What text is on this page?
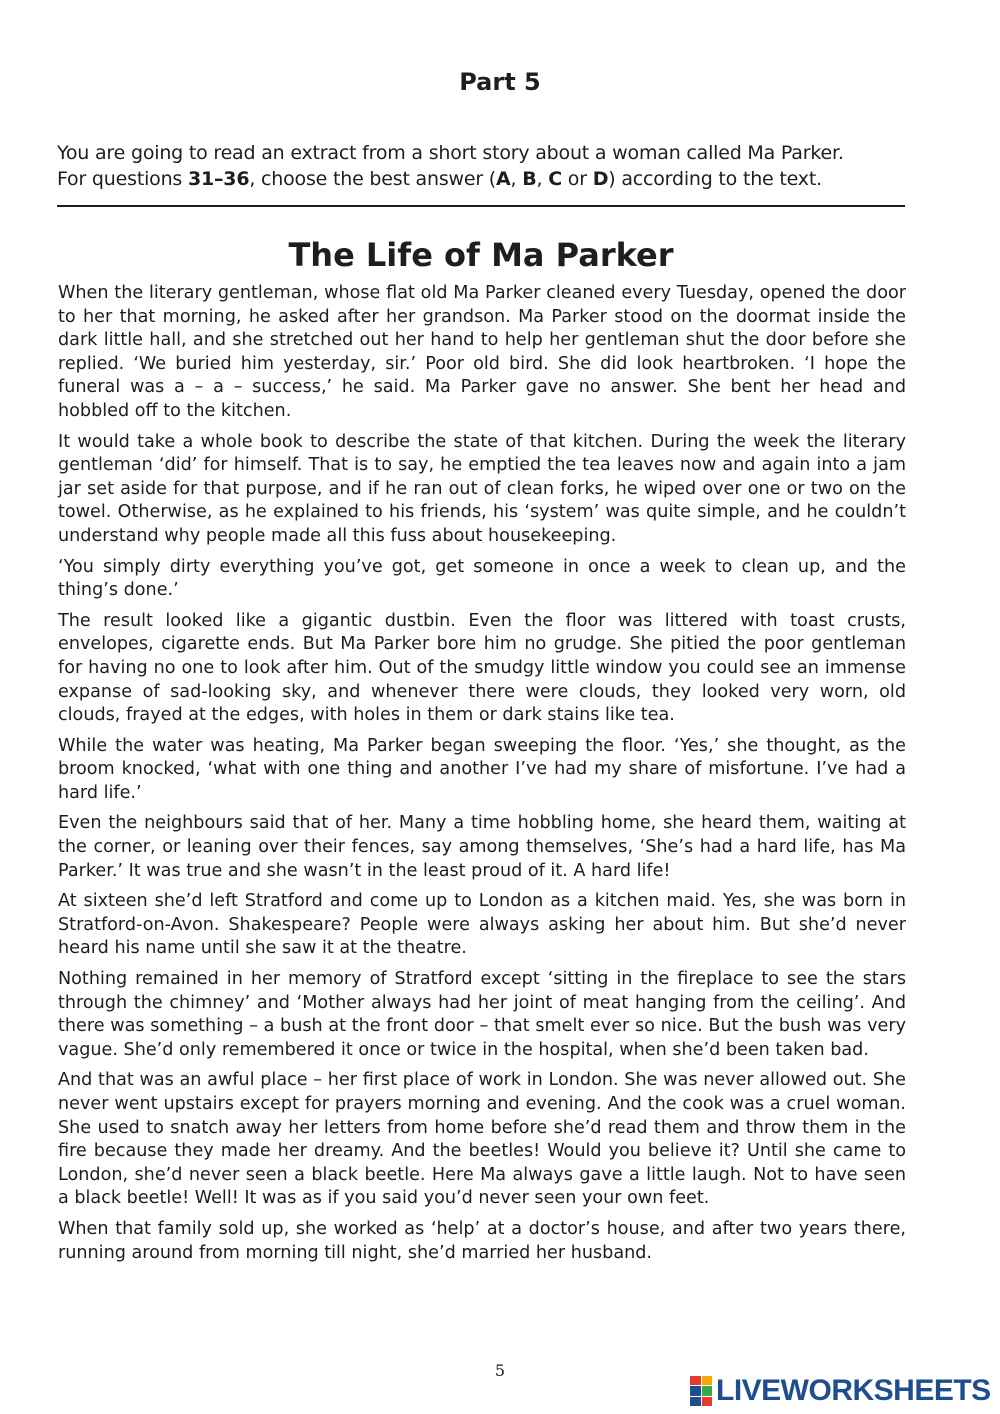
Part 5
You are going to read an extract from a short story about a woman called Ma Parker.
For questions 31–36, choose the best answer (A, B, C or D) according to the text.
The Life of Ma Parker

When the literary gentleman, whose flat old Ma Parker cleaned every Tuesday, opened the door to her that morning, he asked after her grandson. Ma Parker stood on the doormat inside the dark little hall, and she stretched out her hand to help her gentleman shut the door before she replied. ‘We buried him yesterday, sir.’ Poor old bird. She did look heartbroken. ‘I hope the funeral was a – a – success,’ he said. Ma Parker gave no answer. She bent her head and hobbled off to the kitchen.

It would take a whole book to describe the state of that kitchen. During the week the literary gentleman ‘did’ for himself. That is to say, he emptied the tea leaves now and again into a jam jar set aside for that purpose, and if he ran out of clean forks, he wiped over one or two on the towel. Otherwise, as he explained to his friends, his ‘system’ was quite simple, and he couldn’t understand why people made all this fuss about housekeeping.

‘You simply dirty everything you’ve got, get someone in once a week to clean up, and the thing’s done.’

The result looked like a gigantic dustbin. Even the floor was littered with toast crusts, envelopes, cigarette ends. But Ma Parker bore him no grudge. She pitied the poor gentleman for having no one to look after him. Out of the smudgy little window you could see an immense expanse of sad-looking sky, and whenever there were clouds, they looked very worn, old clouds, frayed at the edges, with holes in them or dark stains like tea.

While the water was heating, Ma Parker began sweeping the floor. ‘Yes,’ she thought, as the broom knocked, ‘what with one thing and another I’ve had my share of misfortune. I’ve had a hard life.’

Even the neighbours said that of her. Many a time hobbling home, she heard them, waiting at the corner, or leaning over their fences, say among themselves, ‘She’s had a hard life, has Ma Parker.’ It was true and she wasn’t in the least proud of it. A hard life!

At sixteen she’d left Stratford and come up to London as a kitchen maid. Yes, she was born in Stratford-on-Avon. Shakespeare? People were always asking her about him. But she’d never heard his name until she saw it at the theatre.

Nothing remained in her memory of Stratford except ‘sitting in the fireplace to see the stars through the chimney’ and ‘Mother always had her joint of meat hanging from the ceiling’. And there was something – a bush at the front door – that smelt ever so nice. But the bush was very vague. She’d only remembered it once or twice in the hospital, when she’d been taken bad.

And that was an awful place – her first place of work in London. She was never allowed out. She never went upstairs except for prayers morning and evening. And the cook was a cruel woman. She used to snatch away her letters from home before she’d read them and throw them in the fire because they made her dreamy. And the beetles! Would you believe it? Until she came to London, she’d never seen a black beetle. Here Ma always gave a little laugh. Not to have seen a black beetle! Well! It was as if you said you’d never seen your own feet.

When that family sold up, she worked as ‘help’ at a doctor’s house, and after two years there, running around from morning till night, she’d married her husband.

5
LIVEWORKSHEETS
